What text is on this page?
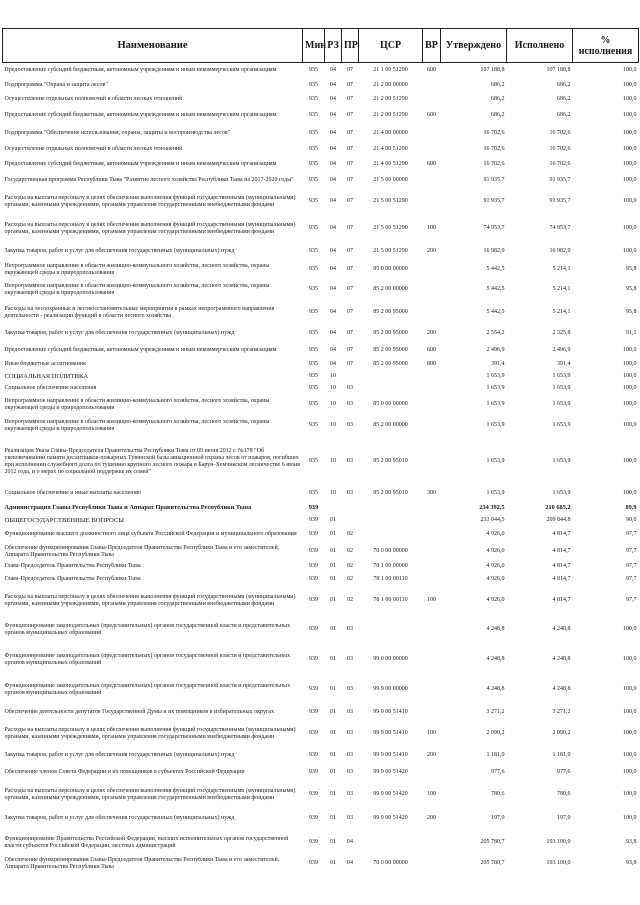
Наименование	Мин	РЗ	ПР	ЦСР	ВР	Утверждено	Исполнено	% исполнения
Предоставление субсидий бюджетным, автономным учреждениям и иным некоммерческим организациям	935	04	07	21 1 00 51290	600	107 188,8	107 188,8	100,0
Подпрограмма "Охрана и защита лесов"	935	04	07	21 2 00 00000		686,2	686,2	100,0
Осуществление отдельных полномочий в области лесных отношений	935	04	07	21 2 00 51290		686,2	686,2	100,0
Предоставление субсидий бюджетным, автономным учреждениям и иным некоммерческим организациям	935	04	07	21 2 00 51290	600	686,2	686,2	100,0
Подпрограмма "Обеспечение использования, охраны, защиты и воспроизводства лесов"	935	04	07	21 4 00 00000		16 702,6	16 702,6	100,0
Осуществление отдельных полномочий в области лесных отношений	935	04	07	21 4 00 51290		16 702,6	16 702,6	100,0
Предоставление субсидий бюджетным, автономным учреждениям и иным некоммерческим организациям	935	04	07	21 4 00 51290	600	16 702,6	16 702,6	100,0
Государственная программа Республики Тыва "Развитие лесного хозяйства Республики Тыва на 2017-2020 годы"	935	04	07	21 5 00 00000		91 935,7	91 935,7	100,0
Расходы на выплаты персоналу в целях обеспечения выполнения функций государственными (муниципальными) органами, казенными учреждениями, органами управления государственными внебюджетными фондами	935	04	07	21 5 00 51290		91 935,7	91 935,7	100,0
Расходы на выплаты персоналу в целях обеспечения выполнения функций государственными (муниципальными) органами, казенными учреждениями, органами управления государственными внебюджетными фондами	935	04	07	21 5 00 51290	100	74 953,7	74 953,7	100,0
Закупка товаров, работ и услуг для обеспечения государственных (муниципальных) нужд	935	04	07	21 5 00 51290	200	16 982,0	16 982,0	100,0
Непрограммное направление в области жилищно-коммунального хозяйства, лесного хозяйства, охраны окружающей среды и природопользования	935	04	07	85 0 00 00000		5 442,5	5 214,1	95,8
Непрограммное направление в области жилищно-коммунального хозяйства, лесного хозяйства, охраны окружающей среды и природопользования	935	04	07	85 2 00 00000		5 442,5	5 214,1	95,8
Расходы на лесоохранные и лесовосстановительные мероприятия в рамках непрограммного направления деятельности - реализации функций в области лесного хозяйства	935	04	07	85 2 00 95000		5 442,5	5 214,1	95,8
Закупка товаров, работ и услуг для обеспечения государственных (муниципальных) нужд	935	04	07	85 2 00 95000	200	2 554,2	2 325,8	91,1
Предоставление субсидий бюджетным, автономным учреждениям и иным некоммерческим организациям	935	04	07	85 2 00 95000	600	2 496,9	2 496,9	100,0
Иные бюджетные ассигнования	935	04	07	85 2 00 95000	800	391,4	391,4	100,0
СОЦИАЛЬНАЯ ПОЛИТИКА	935	10				1 653,9	1 653,9	100,0
Социальное обеспечение населения	935	10	03			1 653,9	1 653,9	100,0
Непрограммное направление в области жилищно-коммунального хозяйства, лесного хозяйства, охраны окружающей среды и природопользования	935	10	03	85 0 00 00000		1 653,9	1 653,9	100,0
Непрограммное направление в области жилищно-коммунального хозяйства, лесного хозяйства, охраны окружающей среды и природопользования	935	10	03	85 2 00 00000		1 653,9	1 653,9	100,0
Реализация Указа Главы-Председателя Правительства Республики Тыва от 09 июня 2012 г. №178 "Об увековечивании памяти десантников-пожарных Тувинской базы авиационной охраны лесов от пожаров, погибших при исполнении служебного долга по тушению крупного лесного пожара в Барун-Хемчикском лесничестве 6 июня 2012 года, и о мерах по социальной поддержке их семей"	935	10	03	85 2 00 95010		1 653,9	1 653,9	100,0
Социальное обеспечение и иные выплаты населению	935	10	03	85 2 00 95010	300	1 653,9	1 653,9	100,0
Администрация Главы Республики Тыва и Аппарат Правительства Республики Тыва	939					234 392,5	210 685,2	89,9
ОБЩЕГОСУДАРСТВЕННЫЕ ВОПРОСЫ	939	01				233 044,5	209 844,8	90,0
Функционирование высшего должностного лица субъекта Российской Федерации и муниципального образования	939	01	02			4 926,0	4 814,7	97,7
Обеспечение функционирования Главы-Председателя Правительства Республики Тыва и его заместителей, Аппарата Правительства Республики Тыва	939	01	02	78 0 00 00000		4 926,0	4 814,7	97,7
Глава-Председатель Правительства Республики Тыва	939	01	02	78 1 00 00000		4 926,0	4 814,7	97,7
Глава-Председатель Правительства Республики Тыва	939	01	02	78 1 00 00110		4 926,0	4 814,7	97,7
Расходы на выплаты персоналу в целях обеспечения выполнения функций государственными (муниципальными) органами, казенными учреждениями, органами управления государственными внебюджетными фондами	939	01	02	78 1 00 00110	100	4 926,0	4 814,7	97,7
Функционирование законодательных (представительных) органов государственной власти и представительных органов муниципальных образований	939	01	03			4 248,8	4 248,8	100,0
Функционирование законодательных (представительных) органов государственной власти и представительных органов муниципальных образований	939	01	03	99 0 00 00000		4 248,8	4 248,8	100,0
Функционирование законодательных (представительных) органов государственной власти и представительных органов муниципальных образований	939	01	03	99 9 00 00000		4 248,8	4 248,8	100,0
Обеспечение деятельности депутатов Государственной Думы и их помощников в избирательных округах	939	01	03	99 9 00 51410		3 271,2	3 271,2	100,0
Расходы на выплаты персоналу в целях обеспечения выполнения функций государственными (муниципальными) органами, казенными учреждениями, органами управления государственными внебюджетными фондами	939	01	03	99 9 00 51410	100	2 090,2	2 090,2	100,0
Закупка товаров, работ и услуг для обеспечения государственных (муниципальных) нужд	939	01	03	99 9 00 51410	200	1 181,0	1 181,0	100,0
Обеспечение членов Совета Федерации и их помощников в субъектах Российской Федерации	939	01	03	99 9 00 51420		977,6	977,6	100,0
Расходы на выплаты персоналу в целях обеспечения выполнения функций государственными (муниципальными) органами, казенными учреждениями, органами управления государственными внебюджетными фондами	939	01	03	99 9 00 51420	100	780,6	780,6	100,0
Закупка товаров, работ и услуг для обеспечения государственных (муниципальных) нужд	939	01	03	99 9 00 51420	200	197,0	197,0	100,0
Функционирование Правительства Российской Федерации, высших исполнительных органов государственной власти субъектов Российской Федерации, местных администраций	939	01	04			205 780,7	193 100,0	93,8
Обеспечение функционирования Главы-Председателя Правительства Республики Тыва и его заместителей, Аппарата Правительства Республики Тыва	939	01	04	78 0 00 00000		205 780,7	193 100,0	93,8
